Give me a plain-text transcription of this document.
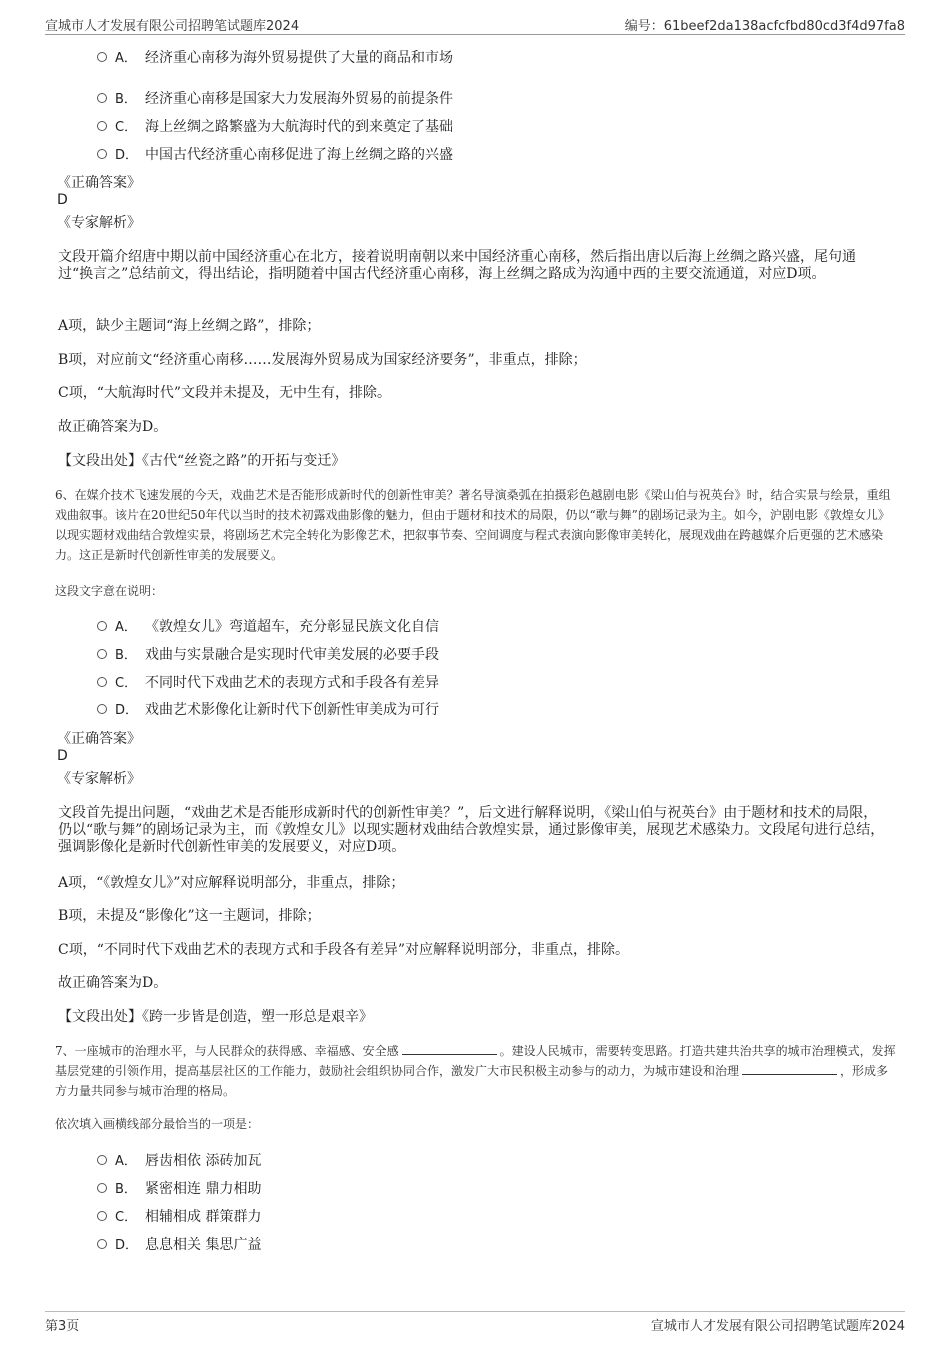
宣城市人才发展有限公司招聘笔试题库2024	编号：61beef2da138acfcfbd80cd3f4d97fa8
A． 经济重心南移为海外贸易提供了大量的商品和市场
B． 经济重心南移是国家大力发展海外贸易的前提条件
C． 海上丝绸之路繁盛为大航海时代的到来奠定了基础
D． 中国古代经济重心南移促进了海上丝绸之路的兴盛
《正确答案》
D
《专家解析》
文段开篇介绍唐中期以前中国经济重心在北方，接着说明南朝以来中国经济重心南移，然后指出唐以后海上丝绸之路兴盛，尾句通过“换言之”总结前文，得出结论，指明随着中国古代经济重心南移，海上丝绸之路成为沟通中西的主要交流通道，对应D项。
A项，缺少主题词“海上丝绸之路”，排除；
B项，对应前文“经济重心南移……发展海外贸易成为国家经济要务”，非重点，排除；
C项，“大航海时代”文段并未提及，无中生有，排除。
故正确答案为D。
【文段出处】《古代“丝瓷之路”的开拓与变迁》
6、在媒介技术飞速发展的今天，戏曲艺术是否能形成新时代的创新性审美？著名导演桑弧在拍摄彩色越剧电影《梁山伯与祝英台》时，结合实景与绘景，重组戏曲叙事。该片在20世纪50年代以当时的技术初露戏曲影像的魅力，但由于题材和技术的局限，仍以“歌与舞”的剧场记录为主。如今，沪剧电影《敦煌女儿》以现实题材戏曲结合敦煌实景，将剧场艺术完全转化为影像艺术，把叙事节奏、空间调度与程式表演向影像审美转化，展现戏曲在跨越媒介后更强的艺术感染力。这正是新时代创新性审美的发展要义。
这段文字意在说明：
A． 《敦煌女儿》弯道超车，充分彰显民族文化自信
B． 戏曲与实景融合是实现时代审美发展的必要手段
C． 不同时代下戏曲艺术的表现方式和手段各有差异
D． 戏曲艺术影像化让新时代下创新性审美成为可行
《正确答案》
D
《专家解析》
文段首先提出问题，“戏曲艺术是否能形成新时代的创新性审美？”，后文进行解释说明，《梁山伯与祝英台》由于题材和技术的局限，仍以“歌与舞”的剧场记录为主，而《敦煌女儿》以现实题材戏曲结合敦煌实景，通过影像审美，展现艺术感染力。文段尾句进行总结，强调影像化是新时代创新性审美的发展要义，对应D项。
A项，“《敦煌女儿》”对应解释说明部分，非重点，排除；
B项，未提及“影像化”这一主题词，排除；
C项，“不同时代下戏曲艺术的表现方式和手段各有差异”对应解释说明部分，非重点，排除。
故正确答案为D。
【文段出处】《跨一步皆是创造，塑一形总是艰辛》
7、一座城市的治理水平，与人民群众的获得感、幸福感、安全感	。建设人民城市，需要转变思路。打造共建共治共享的城市治理模式，发挥基层党建的引领作用，提高基层社区的工作能力，鼓励社会组织协同合作，激发广大市民积极主动参与的动力，为城市建设和治理	，形成多方力量共同参与城市治理的格局。
依次填入画横线部分最恰当的一项是：
A． 唇齿相依 添砖加瓦
B． 紧密相连 鼎力相助
C． 相辅相成 群策群力
D． 息息相关 集思广益
第3页	宣城市人才发展有限公司招聘笔试题库2024
